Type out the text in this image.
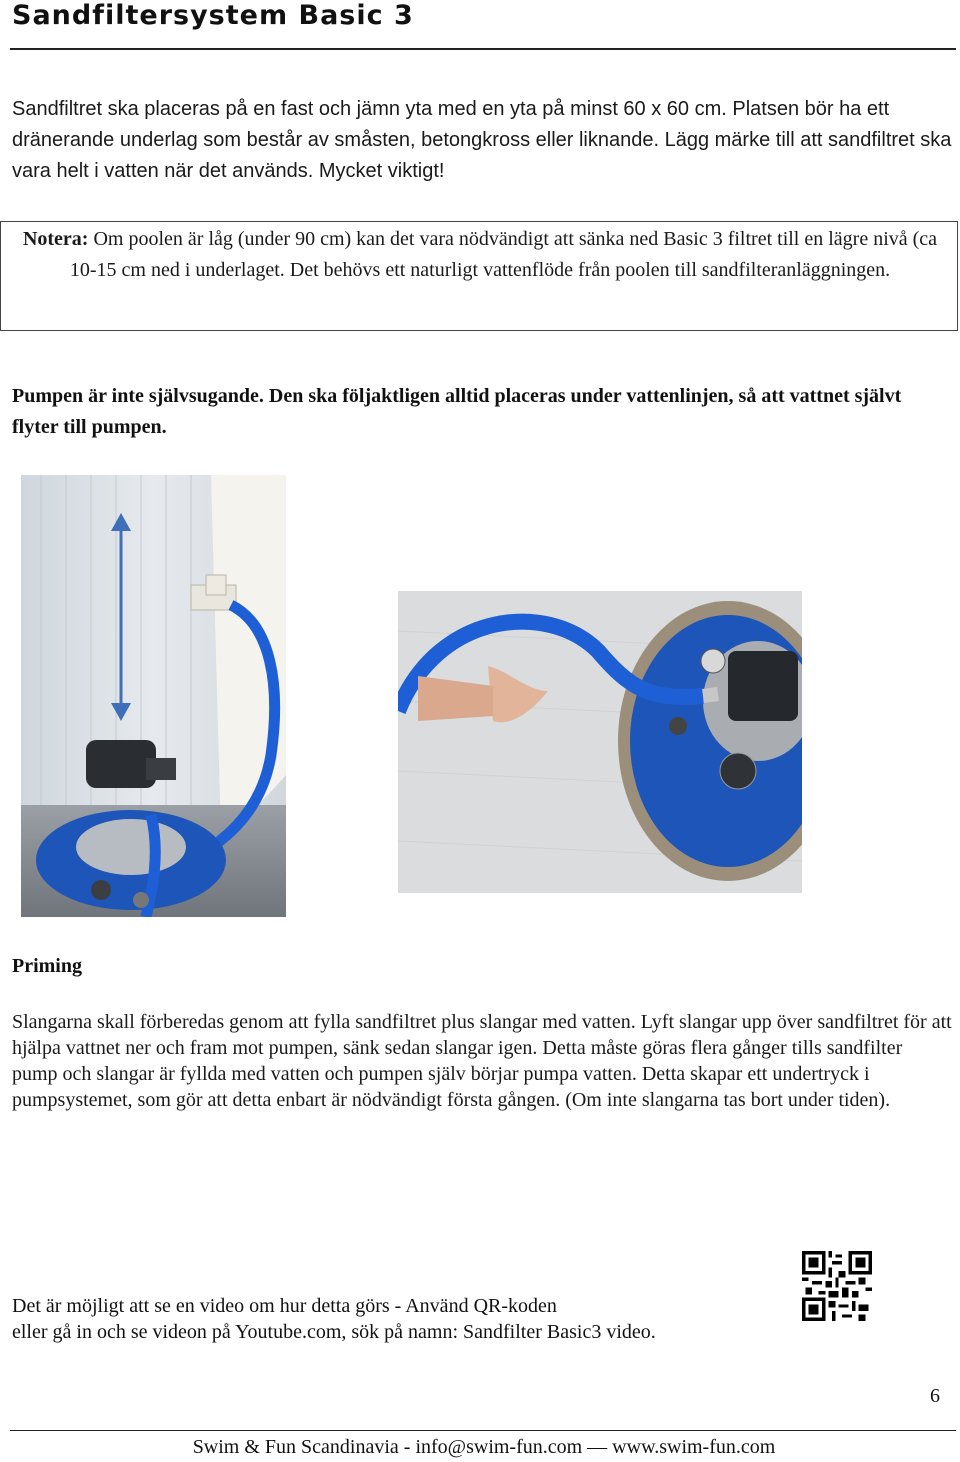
Sandfiltersystem Basic 3
Sandfiltret ska placeras på en fast och jämn yta med en yta på minst 60 x 60 cm. Platsen bör ha ett dränerande underlag som består av småsten, betongkross eller liknande. Lägg märke till att sandfiltret ska vara helt i vatten när det används. Mycket viktigt!
Notera: Om poolen är låg (under 90 cm) kan det vara nödvändigt att sänka ned Basic 3 filtret till en lägre nivå (ca 10-15 cm ned i underlaget. Det behövs ett naturligt vattenflöde från poolen till sandfilteranläggningen.
Pumpen är inte självsugande. Den ska följaktligen alltid placeras under vattenlinjen, så att vattnet självt flyter till pumpen.
Priming
Slangarna skall förberedas genom att fylla sandfiltret plus slangar med vatten. Lyft slangar upp över sandfiltret för att hjälpa vattnet ner och fram mot pumpen, sänk sedan slangar igen. Detta måste göras flera gånger tills sandfilter pump och slangar är fyllda med vatten och pumpen själv börjar pumpa vatten. Detta skapar ett undertryck i pumpsystemet, som gör att detta enbart är nödvändigt första gången. (Om inte slangarna tas bort under tiden).
Det är möjligt att se en video om hur detta görs - Använd QR-koden
eller gå in och se videon på Youtube.com, sök på namn: Sandfilter Basic3 video.
6
Swim & Fun Scandinavia - info@swim-fun.com — www.swim-fun.com
